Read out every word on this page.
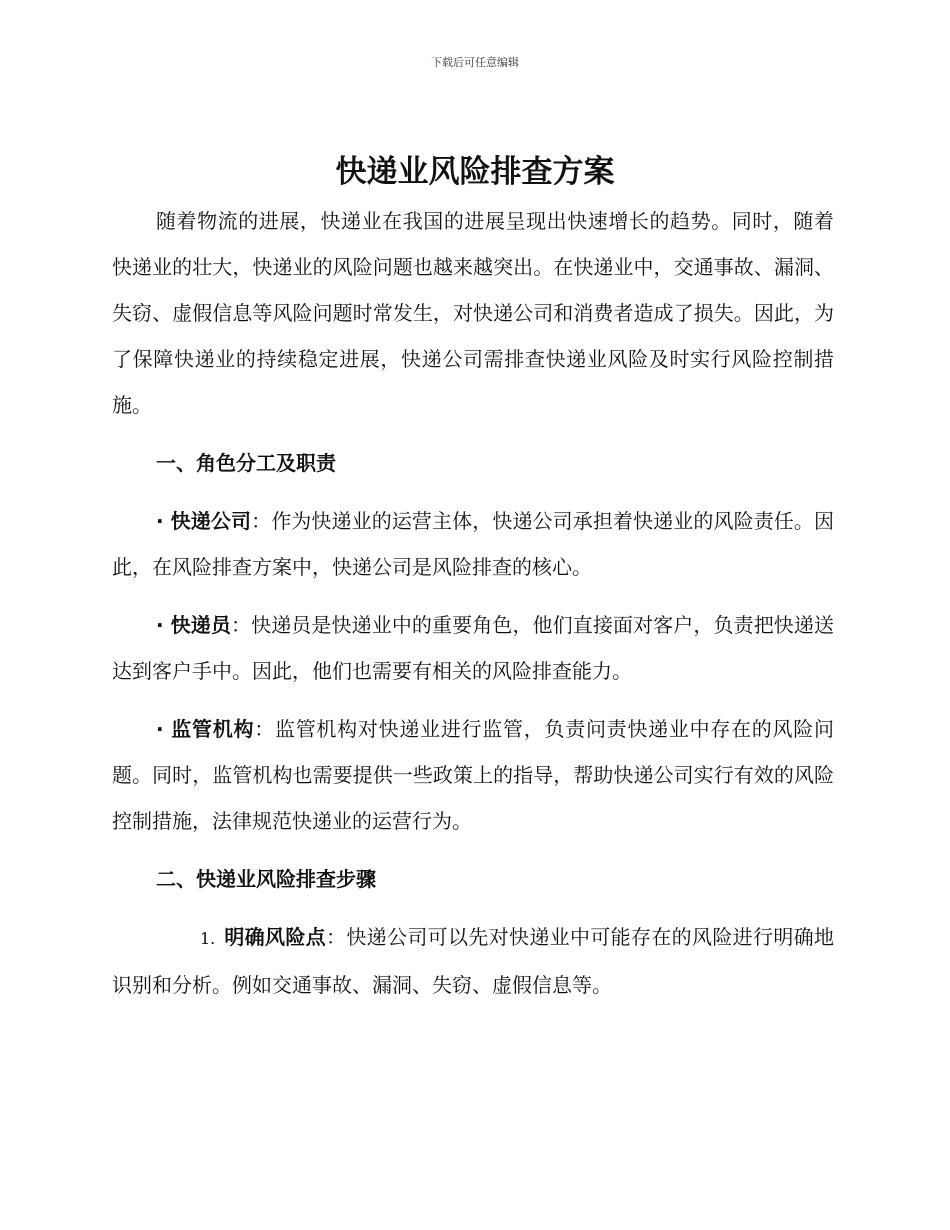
下载后可任意编辑
快递业风险排查方案

随着物流的进展，快递业在我国的进展呈现出快速增长的趋势。同时，随着快递业的壮大，快递业的风险问题也越来越突出。在快递业中，交通事故、漏洞、失窃、虚假信息等风险问题时常发生，对快递公司和消费者造成了损失。因此，为了保障快递业的持续稳定进展，快递公司需排查快递业风险及时实行风险控制措施。

一、角色分工及职责

· 快递公司：作为快递业的运营主体，快递公司承担着快递业的风险责任。因此，在风险排查方案中，快递公司是风险排查的核心。

· 快递员：快递员是快递业中的重要角色，他们直接面对客户，负责把快递送达到客户手中。因此，他们也需要有相关的风险排查能力。

· 监管机构：监管机构对快递业进行监管，负责问责快递业中存在的风险问题。同时，监管机构也需要提供一些政策上的指导，帮助快递公司实行有效的风险控制措施，法律规范快递业的运营行为。

二、快递业风险排查步骤

1. 明确风险点：快递公司可以先对快递业中可能存在的风险进行明确地识别和分析。例如交通事故、漏洞、失窃、虚假信息等。
